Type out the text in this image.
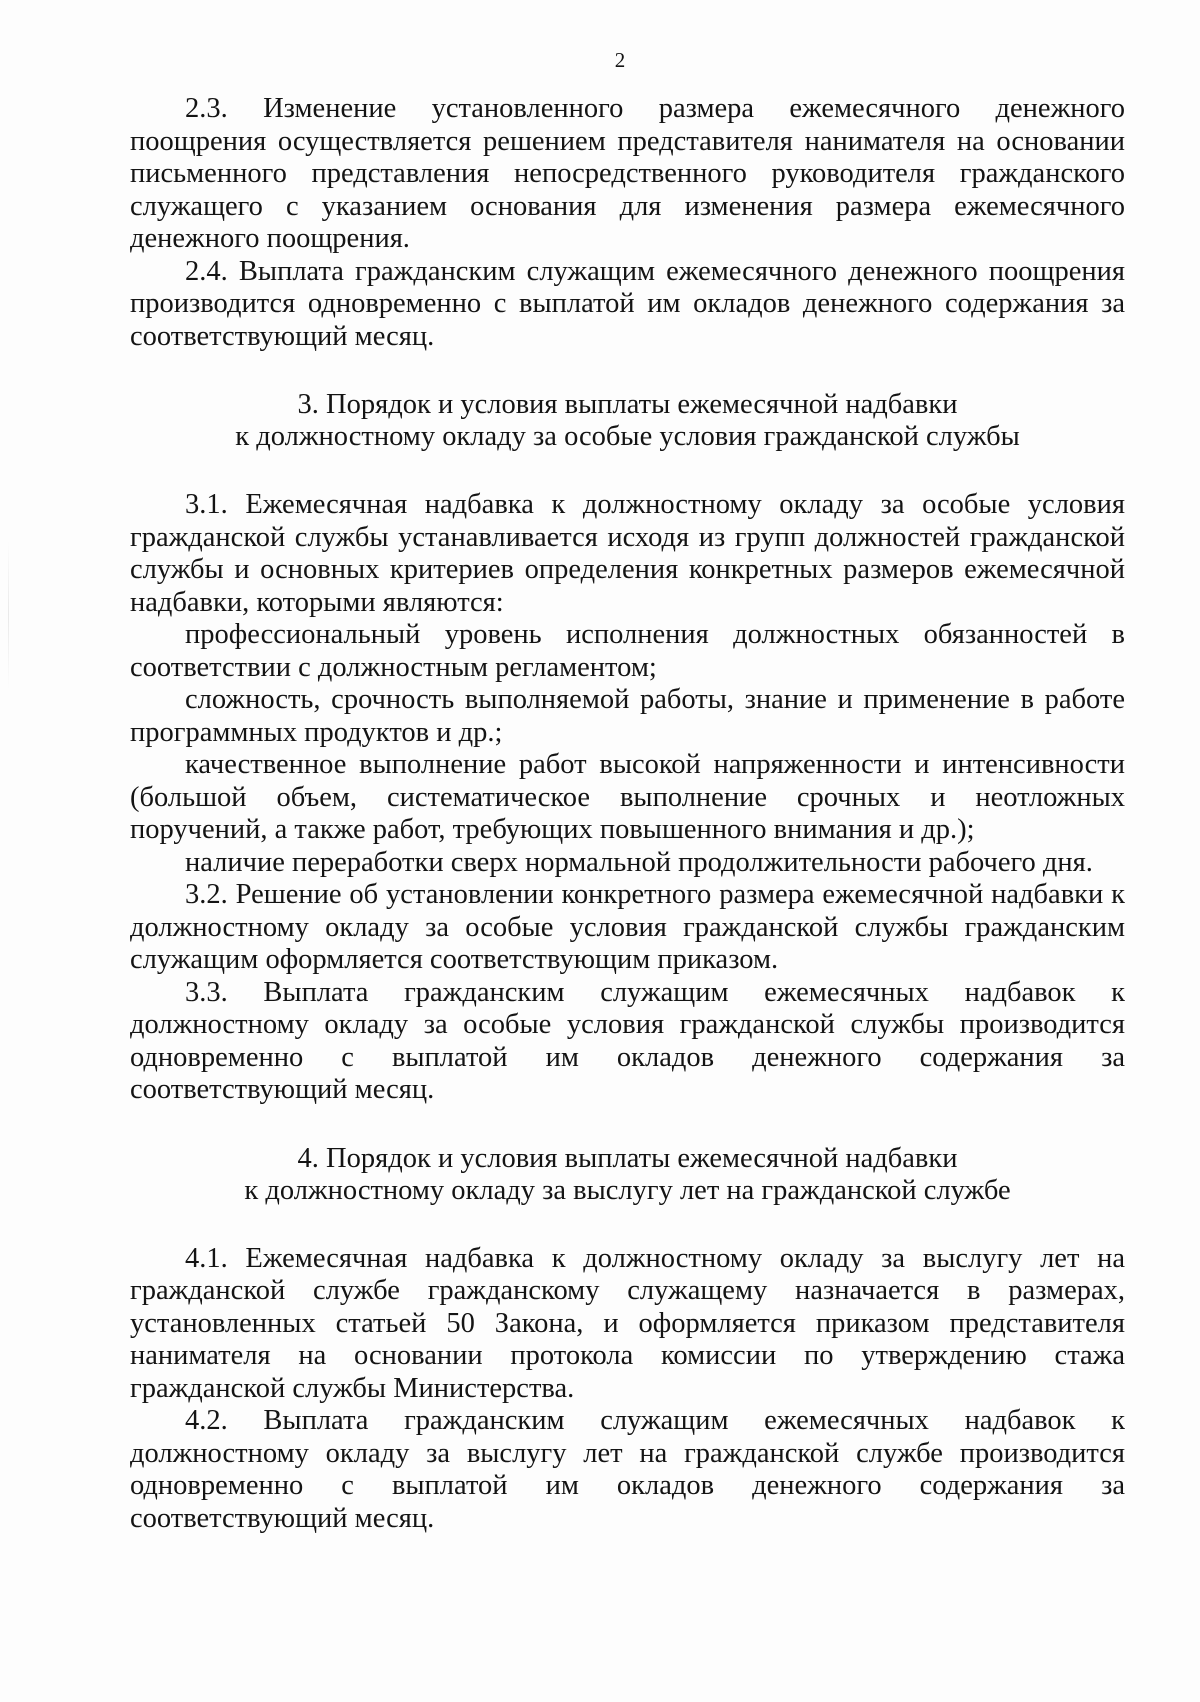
2

2.3. Изменение установленного размера ежемесячного денежного поощрения осуществляется решением представителя нанимателя на основании письменного представления непосредственного руководителя гражданского служащего с указанием основания для изменения размера ежемесячного денежного поощрения.

2.4. Выплата гражданским служащим ежемесячного денежного поощрения производится одновременно с выплатой им окладов денежного содержания за соответствующий месяц.

3. Порядок и условия выплаты ежемесячной надбавки

к должностному окладу за особые условия гражданской службы

3.1. Ежемесячная надбавка к должностному окладу за особые условия гражданской службы устанавливается исходя из групп должностей гражданской службы и основных критериев определения конкретных размеров ежемесячной надбавки, которыми являются:

профессиональный уровень исполнения должностных обязанностей в соответствии с должностным регламентом;

сложность, срочность выполняемой работы, знание и применение в работе программных продуктов и др.;

качественное выполнение работ высокой напряженности и интенсивности (большой объем, систематическое выполнение срочных и неотложных поручений, а также работ, требующих повышенного внимания и др.);

наличие переработки сверх нормальной продолжительности рабочего дня.

3.2. Решение об установлении конкретного размера ежемесячной надбавки к должностному окладу за особые условия гражданской службы гражданским служащим оформляется соответствующим приказом.

3.3. Выплата гражданским служащим ежемесячных надбавок к должностному окладу за особые условия гражданской службы производится одновременно с выплатой им окладов денежного содержания за соответствующий месяц.

4. Порядок и условия выплаты ежемесячной надбавки

к должностному окладу за выслугу лет на гражданской службе

4.1. Ежемесячная надбавка к должностному окладу за выслугу лет на гражданской службе гражданскому служащему назначается в размерах, установленных статьей 50 Закона, и оформляется приказом представителя нанимателя на основании протокола комиссии по утверждению стажа гражданской службы Министерства.

4.2. Выплата гражданским служащим ежемесячных надбавок к должностному окладу за выслугу лет на гражданской службе производится одновременно с выплатой им окладов денежного содержания за соответствующий месяц.
